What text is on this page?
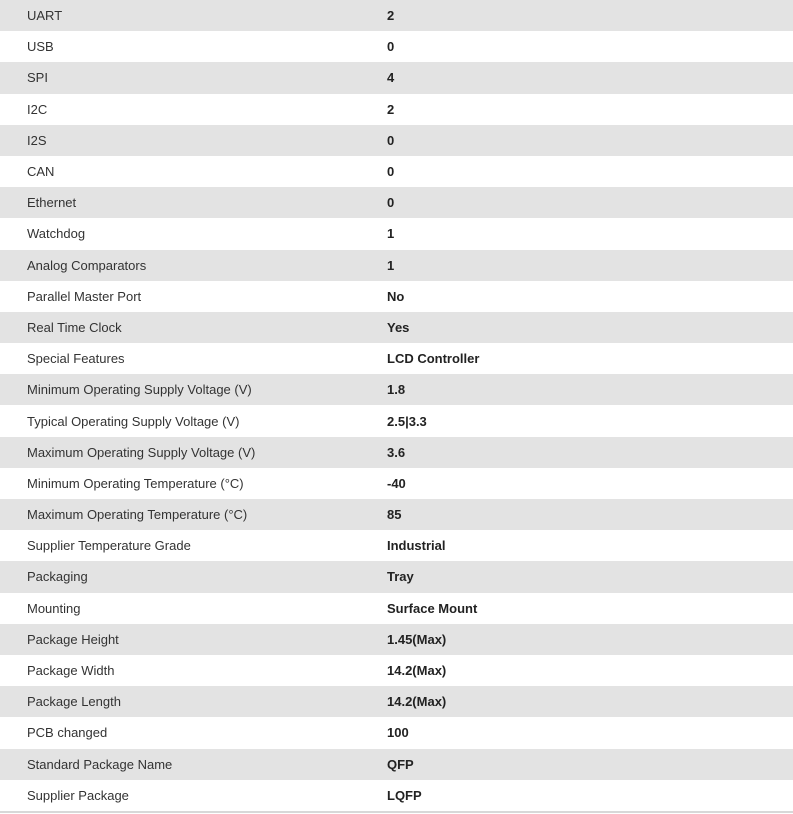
UART	2
USB	0
SPI	4
I2C	2
I2S	0
CAN	0
Ethernet	0
Watchdog	1
Analog Comparators	1
Parallel Master Port	No
Real Time Clock	Yes
Special Features	LCD Controller
Minimum Operating Supply Voltage (V)	1.8
Typical Operating Supply Voltage (V)	2.5|3.3
Maximum Operating Supply Voltage (V)	3.6
Minimum Operating Temperature (°C)	-40
Maximum Operating Temperature (°C)	85
Supplier Temperature Grade	Industrial
Packaging	Tray
Mounting	Surface Mount
Package Height	1.45(Max)
Package Width	14.2(Max)
Package Length	14.2(Max)
PCB changed	100
Standard Package Name	QFP
Supplier Package	LQFP
